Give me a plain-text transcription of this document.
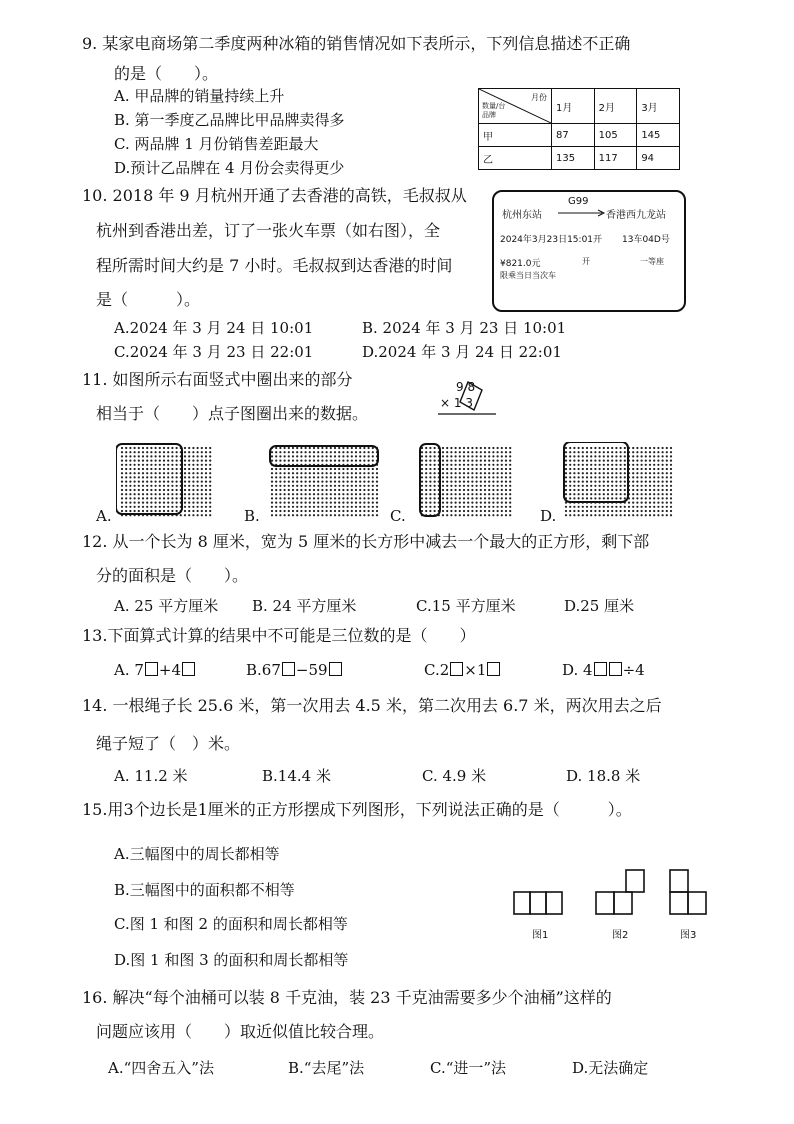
9. 某家电商场第二季度两种冰箱的销售情况如下表所示，下列信息描述不正确
的是（　　）。
A. 甲品牌的销量持续上升
B. 第一季度乙品牌比甲品牌卖得多
C. 两品牌 1 月份销售差距最大
D.预计乙品牌在 4 月份会卖得更少
月份
数量/台 品牌	1月	2月	3月
甲	87	105	145
乙	135	117	94
10. 2018 年 9 月杭州开通了去香港的高铁，毛叔叔从
杭州到香港出差，订了一张火车票（如右图），全
程所需时间大约是 7 小时。毛叔叔到达香港的时间
是（　　　）。
A.2024 年 3 月 24 日 10:01	B. 2024 年 3 月 23 日 10:01
C.2024 年 3 月 23 日 22:01	D.2024 年 3 月 24 日 22:01
杭州东站
G99
香港西九龙站
2024年3月23日15:01开 13车04D号
¥821.0元	开	一等座
限乘当日当次车
11. 如图所示右面竖式中圈出来的部分
相当于（　　）点子图圈出来的数据。
9 8
× 1 3
A.	B.	C.	D.
12. 从一个长为 8 厘米，宽为 5 厘米的长方形中减去一个最大的正方形，剩下部
分的面积是（　　）。
A. 25 平方厘米 B. 24 平方厘米	C.15 平方厘米	D.25 厘米
13.下面算式计算的结果中不可能是三位数的是（　　）
A. 7 +4	B.67 −59	C.2 ×1	D. 4 ÷4
14. 一根绳子长 25.6 米，第一次用去 4.5 米，第二次用去 6.7 米，两次用去之后
绳子短了（　）米。
A. 11.2 米	B.14.4 米	C. 4.9 米	D. 18.8 米
15.用3个边长是1厘米的正方形摆成下列图形，下列说法正确的是（　　　）。
A.三幅图中的周长都相等
B.三幅图中的面积都不相等
C.图 1 和图 2 的面积和周长都相等
D.图 1 和图 3 的面积和周长都相等
图1	图2	图3
16. 解决“每个油桶可以装 8 千克油，装 23 千克油需要多少个油桶”这样的
问题应该用（　　）取近似值比较合理。
A.“四舍五入”法	B.“去尾”法	C.“进一”法	D.无法确定
